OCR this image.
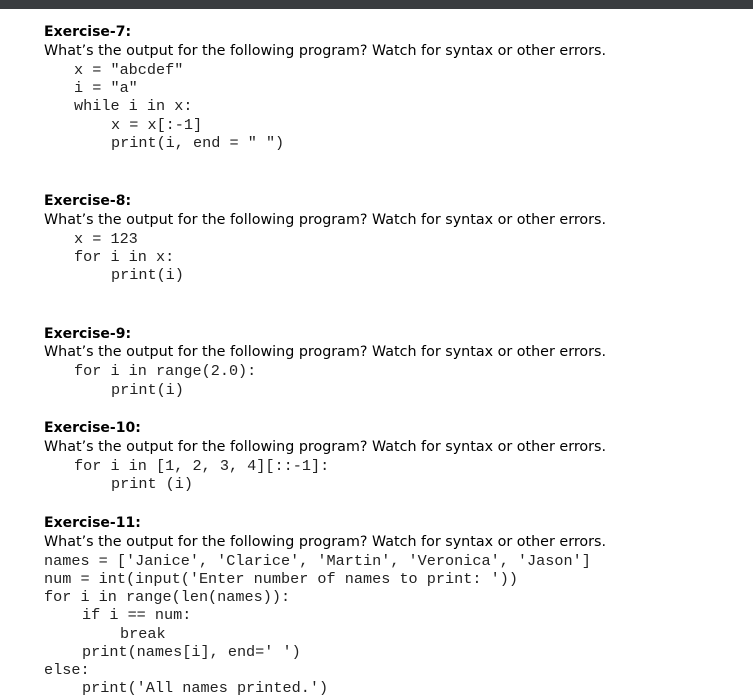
Exercise-7:
What’s the output for the following program? Watch for syntax or other errors.
x = "abcdef"
i = "a"
while i in x:
x = x[:-1]
print(i, end = " ")
Exercise-8:
What’s the output for the following program? Watch for syntax or other errors.
x = 123
for i in x:
print(i)
Exercise-9:
What’s the output for the following program? Watch for syntax or other errors.
for i in range(2.0):
print(i)
Exercise-10:
What’s the output for the following program? Watch for syntax or other errors.
for i in [1, 2, 3, 4][::-1]:
print (i)
Exercise-11:
What’s the output for the following program? Watch for syntax or other errors.
names = ['Janice', 'Clarice', 'Martin', 'Veronica', 'Jason']
num = int(input('Enter number of names to print: '))
for i in range(len(names)):
if i == num:
break
print(names[i], end=' ')
else:
print('All names printed.')
